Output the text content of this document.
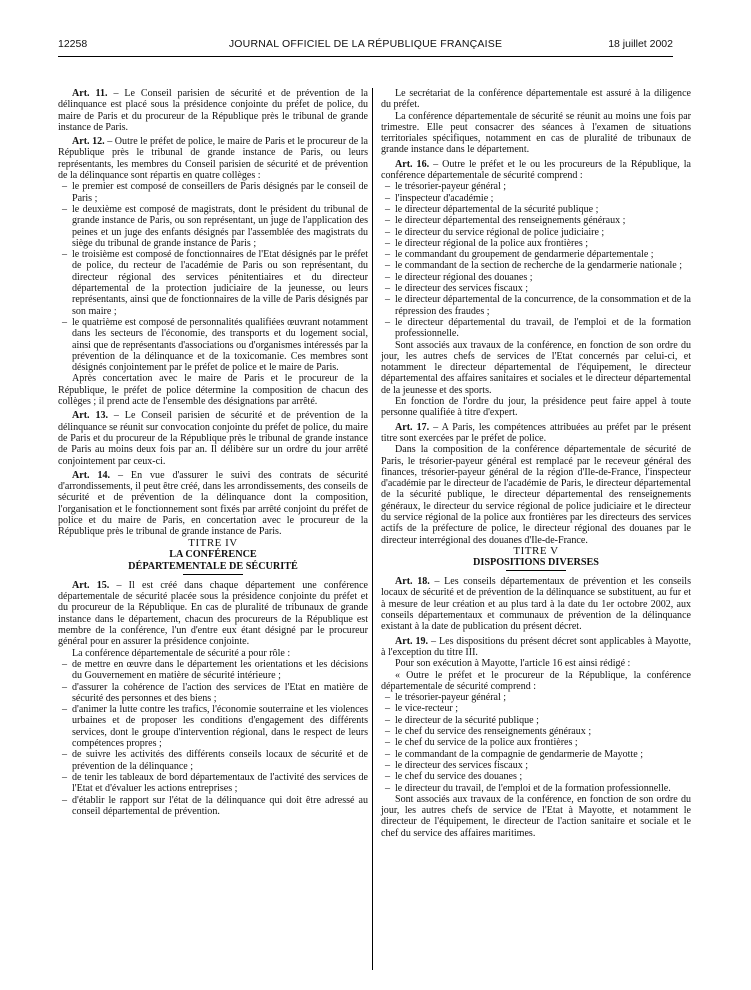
12258	JOURNAL OFFICIEL DE LA RÉPUBLIQUE FRANÇAISE	18 juillet 2002

Art. 11. – Le Conseil parisien de sécurité et de prévention de la délinquance est placé sous la présidence conjointe du préfet de police, du maire de Paris et du procureur de la République près le tribunal de grande instance de Paris.

Art. 12. – Outre le préfet de police, le maire de Paris et le procureur de la République près le tribunal de grande instance de Paris, ou leurs représentants, les membres du Conseil parisien de sécurité et de prévention de la délinquance sont répartis en quatre collèges :

– le premier est composé de conseillers de Paris désignés par le conseil de Paris ;
– le deuxième est composé de magistrats, dont le président du tribunal de grande instance de Paris, ou son représentant, un juge de l'application des peines et un juge des enfants désignés par l'assemblée des magistrats du siège du tribunal de grande instance de Paris ;
– le troisième est composé de fonctionnaires de l'Etat désignés par le préfet de police, du recteur de l'académie de Paris ou son représentant, du directeur régional des services pénitentiaires et du directeur départemental de la protection judiciaire de la jeunesse, ou leurs représentants, ainsi que de fonctionnaires de la ville de Paris désignés par son maire ;
– le quatrième est composé de personnalités qualifiées œuvrant notamment dans les secteurs de l'économie, des transports et du logement social, ainsi que de représentants d'associations ou d'organismes intéressés par la prévention de la délinquance et de la toxicomanie. Ces membres sont désignés conjointement par le préfet de police et le maire de Paris.

Après concertation avec le maire de Paris et le procureur de la République, le préfet de police détermine la composition de chacun des collèges ; il prend acte de l'ensemble des désignations par arrêté.

Art. 13. – Le Conseil parisien de sécurité et de prévention de la délinquance se réunit sur convocation conjointe du préfet de police, du maire de Paris et du procureur de la République près le tribunal de grande instance de Paris au moins deux fois par an. Il délibère sur un ordre du jour arrêté conjointement par ceux-ci.

Art. 14. – En vue d'assurer le suivi des contrats de sécurité d'arrondissements, il peut être créé, dans les arrondissements, des conseils de sécurité et de prévention de la délinquance dont la composition, l'organisation et le fonctionnement sont fixés par arrêté conjoint du préfet de police et du maire de Paris, en concertation avec le procureur de la République près le tribunal de grande instance de Paris.

TITRE IV

LA CONFÉRENCE

DÉPARTEMENTALE DE SÉCURITÉ

Art. 15. – Il est créé dans chaque département une conférence départementale de sécurité placée sous la présidence conjointe du préfet et du procureur de la République. En cas de pluralité de tribunaux de grande instance dans le département, chacun des procureurs de la République est membre de la conférence, l'un d'entre eux étant désigné par le procureur général pour en assurer la présidence conjointe.

La conférence départementale de sécurité a pour rôle :

– de mettre en œuvre dans le département les orientations et les décisions du Gouvernement en matière de sécurité intérieure ;
– d'assurer la cohérence de l'action des services de l'Etat en matière de sécurité des personnes et des biens ;
– d'animer la lutte contre les trafics, l'économie souterraine et les violences urbaines et de proposer les conditions d'engagement des différents services, dont le groupe d'intervention régional, dans le respect de leurs compétences propres ;
– de suivre les activités des différents conseils locaux de sécurité et de prévention de la délinquance ;
– de tenir les tableaux de bord départementaux de l'activité des services de l'Etat et d'évaluer les actions entreprises ;
– d'établir le rapport sur l'état de la délinquance qui doit être adressé au conseil départemental de prévention.

Le secrétariat de la conférence départementale est assuré à la diligence du préfet.

La conférence départementale de sécurité se réunit au moins une fois par trimestre. Elle peut consacrer des séances à l'examen de situations territoriales spécifiques, notamment en cas de pluralité de tribunaux de grande instance dans le département.

Art. 16. – Outre le préfet et le ou les procureurs de la République, la conférence départementale de sécurité comprend :

– le trésorier-payeur général ;
– l'inspecteur d'académie ;
– le directeur départemental de la sécurité publique ;
– le directeur départemental des renseignements généraux ;
– le directeur du service régional de police judiciaire ;
– le directeur régional de la police aux frontières ;
– le commandant du groupement de gendarmerie départementale ;
– le commandant de la section de recherche de la gendarmerie nationale ;
– le directeur régional des douanes ;
– le directeur des services fiscaux ;
– le directeur départemental de la concurrence, de la consommation et de la répression des fraudes ;
– le directeur départemental du travail, de l'emploi et de la formation professionnelle.

Sont associés aux travaux de la conférence, en fonction de son ordre du jour, les autres chefs de services de l'Etat concernés par celui-ci, et notamment le directeur départemental de l'équipement, le directeur départemental des affaires sanitaires et sociales et le directeur départemental de la jeunesse et des sports.

En fonction de l'ordre du jour, la présidence peut faire appel à toute personne qualifiée à titre d'expert.

Art. 17. – A Paris, les compétences attribuées au préfet par le présent titre sont exercées par le préfet de police.

Dans la composition de la conférence départementale de sécurité de Paris, le trésorier-payeur général est remplacé par le receveur général des finances, trésorier-payeur général de la région d'Ile-de-France, l'inspecteur d'académie par le directeur de l'académie de Paris, le directeur départemental de la sécurité publique, le directeur départemental des renseignements généraux, le directeur du service régional de police judiciaire et le directeur du service régional de la police aux frontières par les directeurs des services actifs de la préfecture de police, le directeur régional des douanes par le directeur interrégional des douanes d'Ile-de-France.

TITRE V

DISPOSITIONS DIVERSES

Art. 18. – Les conseils départementaux de prévention et les conseils locaux de sécurité et de prévention de la délinquance se substituent, au fur et à mesure de leur création et au plus tard à la date du 1er octobre 2002, aux conseils départementaux et communaux de prévention de la délinquance existant à la date de publication du présent décret.

Art. 19. – Les dispositions du présent décret sont applicables à Mayotte, à l'exception du titre III.

Pour son exécution à Mayotte, l'article 16 est ainsi rédigé :

« Outre le préfet et le procureur de la République, la conférence départementale de sécurité comprend :

– le trésorier-payeur général ;
– le vice-recteur ;
– le directeur de la sécurité publique ;
– le chef du service des renseignements généraux ;
– le chef du service de la police aux frontières ;
– le commandant de la compagnie de gendarmerie de Mayotte ;
– le directeur des services fiscaux ;
– le chef du service des douanes ;
– le directeur du travail, de l'emploi et de la formation professionnelle.

Sont associés aux travaux de la conférence, en fonction de son ordre du jour, les autres chefs de service de l'Etat à Mayotte, et notamment le directeur de l'équipement, le directeur de l'action sanitaire et sociale et le chef du service des affaires maritimes.
